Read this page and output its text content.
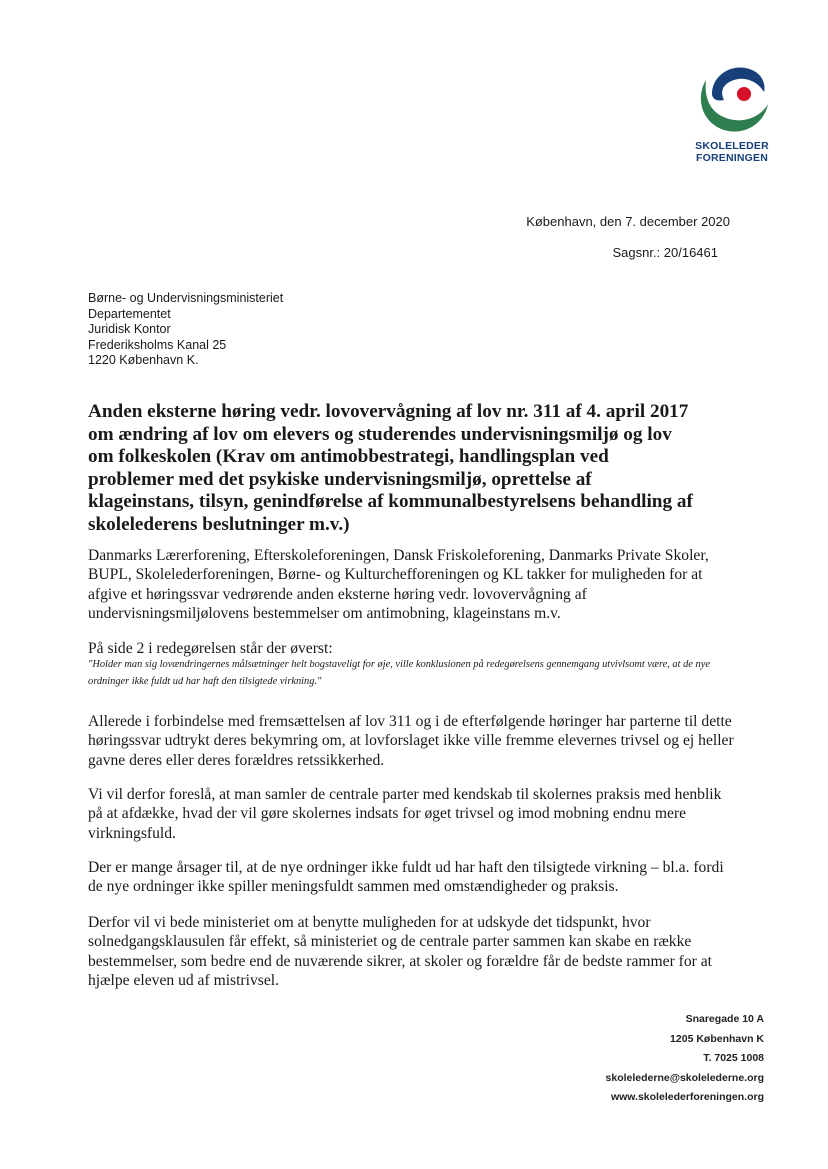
SKOLELEDER
FORENINGEN
København, den 7. december 2020
Sagsnr.: 20/16461
Børne- og Undervisningsministeriet
Departementet
Juridisk Kontor
Frederiksholms Kanal 25
1220 København K.
Anden eksterne høring vedr. lovovervågning af lov nr. 311 af 4. april 2017 om ændring af lov om elevers og studerendes undervisningsmiljø og lov om folkeskolen (Krav om antimobbestrategi, handlingsplan ved problemer med det psykiske undervisningsmiljø, oprettelse af klageinstans, tilsyn, genindførelse af kommunalbestyrelsens behandling af skolelederens beslutninger m.v.)
Danmarks Lærerforening, Efterskoleforeningen, Dansk Friskoleforening, Danmarks Private Skoler, BUPL, Skolelederforeningen, Børne- og Kulturchefforeningen og KL takker for muligheden for at afgive et høringssvar vedrørende anden eksterne høring vedr. lovovervågning af undervisningsmiljølovens bestemmelser om antimobning, klageinstans m.v.
På side 2 i redegørelsen står der øverst:
"Holder man sig lovændringernes målsætninger helt bogstaveligt for øje, ville konklusionen på redegørelsens gennemgang utvivlsomt være, at de nye ordninger ikke fuldt ud har haft den tilsigtede virkning."
Allerede i forbindelse med fremsættelsen af lov 311 og i de efterfølgende høringer har parterne til dette høringssvar udtrykt deres bekymring om, at lovforslaget ikke ville fremme elevernes trivsel og ej heller gavne deres eller deres forældres retssikkerhed.
Vi vil derfor foreslå, at man samler de centrale parter med kendskab til skolernes praksis med henblik på at afdække, hvad der vil gøre skolernes indsats for øget trivsel og imod mobning endnu mere virkningsfuld.
Der er mange årsager til, at de nye ordninger ikke fuldt ud har haft den tilsigtede virkning – bl.a. fordi de nye ordninger ikke spiller meningsfuldt sammen med omstændigheder og praksis.
Derfor vil vi bede ministeriet om at benytte muligheden for at udskyde det tidspunkt, hvor solnedgangsklausulen får effekt, så ministeriet og de centrale parter sammen kan skabe en række bestemmelser, som bedre end de nuværende sikrer, at skoler og forældre får de bedste rammer for at hjælpe eleven ud af mistrivsel.
Snaregade 10 A
1205 København K
T. 7025 1008
skolelederne@skolelederne.org
www.skolelederforeningen.org
